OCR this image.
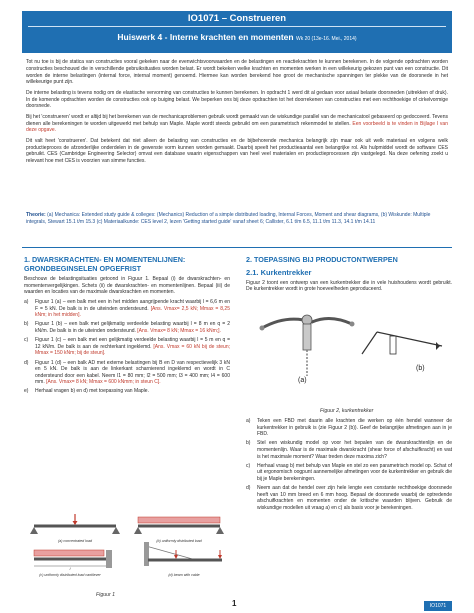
IO1071 – Construeren
Huiswerk 4 - Interne krachten en momenten Wk 20 (13e-16. Mei., 2014)

Tot nu toe is bij de statica van constructies vooral gekeken naar de evenwichtsvoorwaarden en de belastingen en reactiekrachten te kunnen berekenen. In de volgende opdrachten worden constructies beschouwd die in verschillende gebruiksituaties worden belast. Er wordt bekeken welke krachten en momenten werken in een willekeurig gekozen punt van een constructie. Dit worden de interne belastingen (internal force, internal moment) genoemd. Hiermee kan worden berekend hoe groot de mechanische spanningen ter plekke van de doorsnede in het willekeurige punt zijn.

De interne belasting is tevens nodig om de elastische vervorming van constructies te kunnen berekenen. In opdracht 1 werd dit al gedaan voor axiaal belaste doorsneden (uitrekken of druk). In de komende opdrachten worden de constructies ook op buiging belast. We beperken ons bij deze opdrachten tot het doorrekenen van constructies met een rechthoekige of cirkelvormige doorsnede.

Bij het 'construeren' wordt er altijd bij het berekenen van de mechanicaproblemen gebruik wordt gemaakt van de wiskundige parallel van de mechanicatool gebaseerd op gedocceerd. Tevens dienen alle berekeningen te worden uitgewerkt met behulp van Maple. Maple wordt steeds gebruikt om een parametrisch rekenmodel te stellen. Een voorbeeld is te vinden in Bijlage I van deze opgave.

Dit valt heet 'construeren'. Dat betekent dat niet alleen de belasting van constructies en de bijbehorende mechanica belangrijk zijn maar ook uit welk materiaal en volgens welk productieproces de afzonderlijke onderdelen in de gewenste vorm kunnen worden gemaakt. Daarbij speelt het productieaantal een belangrijke rol. Als hulpmiddel wordt de software CES gebruikt. CES (Cambridge Engineering Selector) omvat een database waarin eigenschappen van heel veel materialen en productieprocessen zijn vastgelegd. Na deze oefening zoekt u relevant hoe met CES is voorzien van simme functies.

Theorie: (a) Mechanica: Extended study guide & colleges: (Mechanics) Reduction of a simple distributed loading, Internal Forces, Moment and shear diagrams, (b) Wiskunde: Multiple integrals, Stewart 15.1 t/m 15.3 (c) Materiaalkunde: CES level 2, lezen 'Getting started guide' vanaf sheet 6; Callister, 6.1 t/m 6.5, 11.1 t/m 11.3, 14.1 t/m 14.11
1. DWARSKRACHTEN- EN MOMENTENLIJNEN: GRONDBEGINSELEN OPGEFRIST
Beschouw de belastingsituaties getoond in Figuur 1. Bepaal (i) de dwarskrachten- en momentenvergelijkingen. Schets (ii) de dwarskrachten- en momentenlijnen. Bepaal (iii) de waarden en locaties van de maximale dwarskrachten en momenten.
a) Figuur 1 (a) – een balk met een in het midden aangrijpende kracht waarbij l = 6,6 m en F = 5 kN. De balk is in de uiteinden ondersteund. [Ans. Vmax= 2,5 kN; Mmax = 8,25 kNm; in het midden].
b) Figuur 1 (b) – een balk met gelijkmatig verdeelde belasting waarbij l = 8 m en q = 2 kN/m. De balk is in de uiteinden ondersteund. [Ans. Vmax= 8 kN; Mmax = 16 kNm;].
c) Figuur 1 (c) – een balk met een gelijkmatig verdeelde belasting waarbij l = 5 m en q = 12 kN/m. De balk is aan de rechterkant ingeklemd. [Ans. Vmax = 60 kN bij de steun; Mmax = 150 kNm; bij de steun].
d) Figuur 1 (d) – een balk AD met externe belastingen bij B en D van respectievelijk 3 kN en 5 kN. De balk is aan de linkerkant scharnierend ingeklemd en wordt in C ondersteund door een kabel. Neem l1 = 80 mm; l2 = 500 mm; l3 = 400 mm; l4 = 600 mm. [Ans. Vmax= 8 kN; Mmax = 600 kNmm; in steun C].
e) Herhaal vragen b) en d) met toepassing van Maple.
(a) concentrated load	(b) uniformly distributed load
l
(c) uniformly distributed load cantilever	(d) beam with cable
Figuur 1
2. TOEPASSING BIJ PRODUCTONTWERPEN
2.1. Kurkentrekker
Figuur 2 toont een ontwerp van een kurkentrekker die in vele huishoudens wordt gebruikt. De kurkentrekker wordt in grote hoeveelheden geproduceerd.
(a)
(b)
Figuur 2, kurkentrekker
a) Teken een FBD met daarin alle krachten die werken op één hendel wanneer de kurkentrekker in gebruik is (zie Figuur 2 (b)). Geef de belangrijke afmetingen aan in je FBD.
b) Stel een wiskundig model op voor het bepalen van de dwarskrachtenlijn en de momentenlijn. Waar is de maximale dwarskracht (shear force of afschuifkracht) en wat is het maximale moment? Waar treden deze maxima zich?
c) Herhaal vraag b) met behulp van Maple en stel zo een parametrisch model op. Schat of uit ergonomisch oogpunt aannemelijke afmetingen voor de kurkentrekker en gebruik die bij je Maple berekeningen.
d) Neem aan dat de hendel over zijn hele lengte een constante rechthoekige doorsnede heeft van 10 mm breed en 6 mm hoog. Bepaal de doorsnede waarbij de optredende afschuifkrachten en momenten onder de kritische waarden blijven. Gebruik de wiskundige modellen uit vraag a) en c) als basis voor je berekeningen.
1	IO1071
